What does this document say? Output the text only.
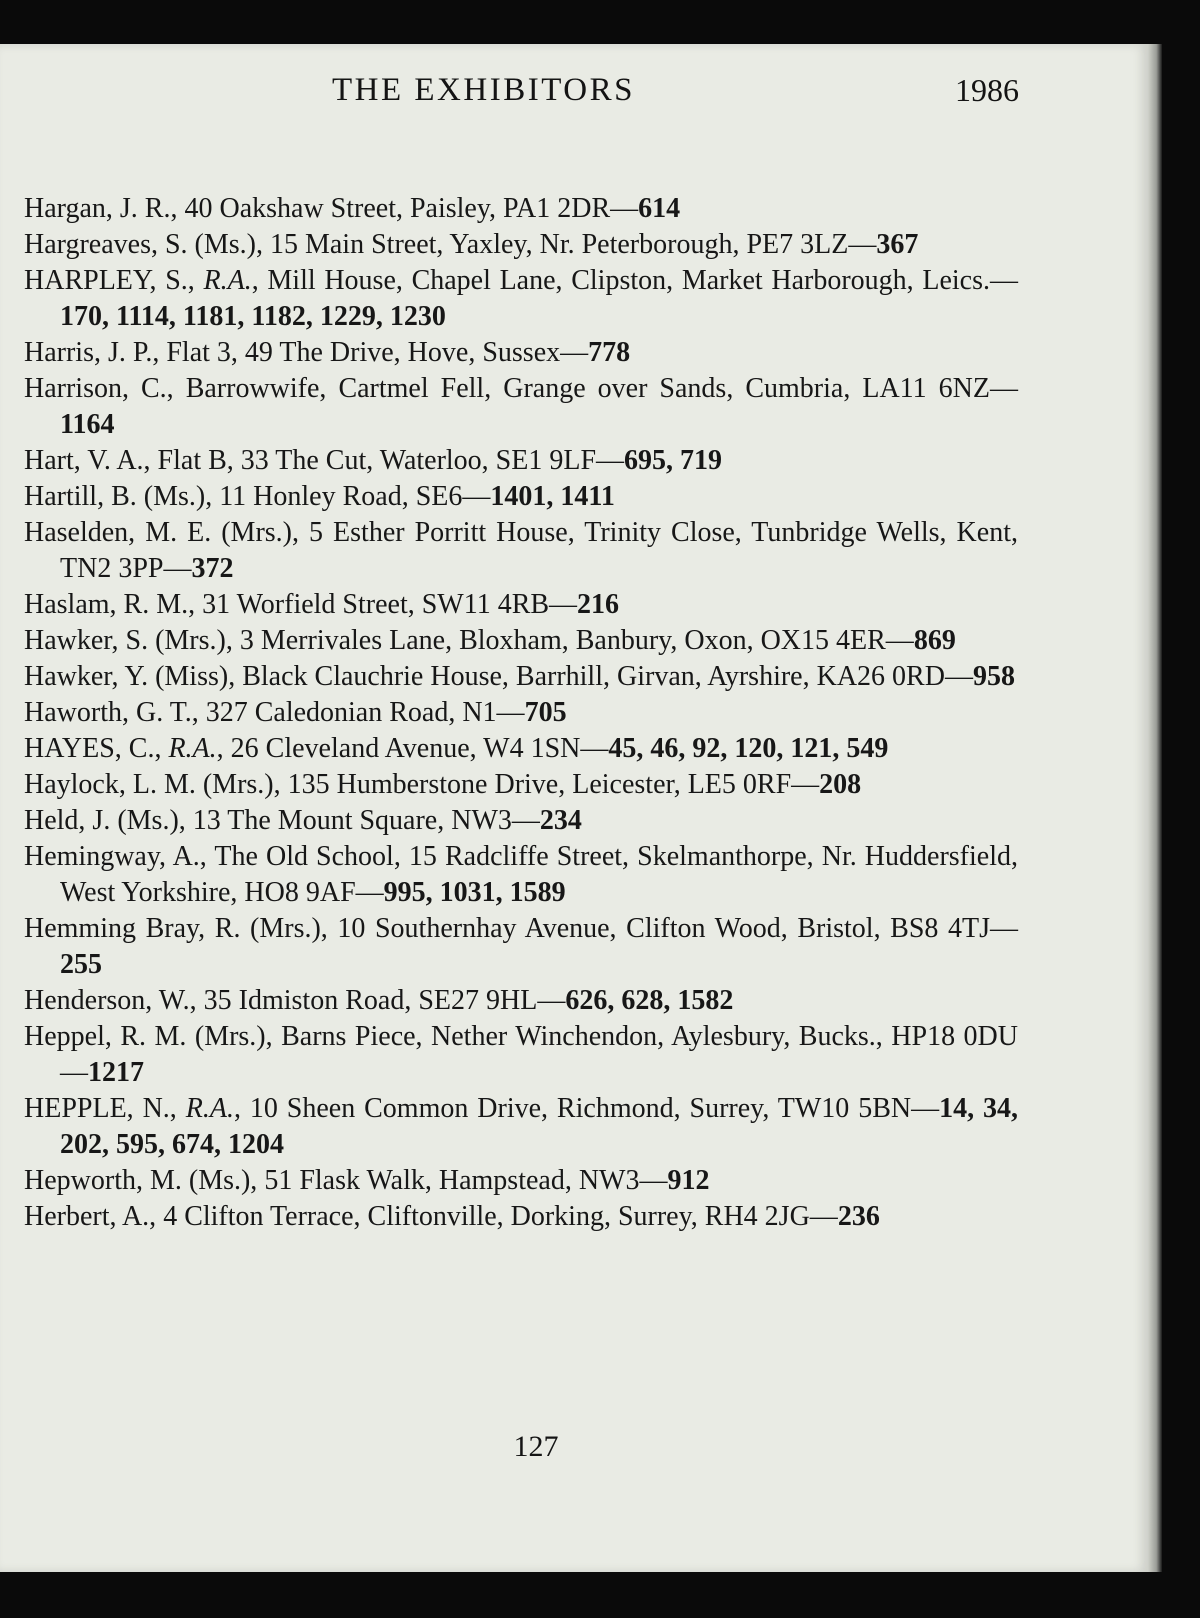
THE EXHIBITORS	1986

Hargan, J. R., 40 Oakshaw Street, Paisley, PA1 2DR—614

Hargreaves, S. (Ms.), 15 Main Street, Yaxley, Nr. Peterborough, PE7 3LZ—367

HARPLEY, S., R.A., Mill House, Chapel Lane, Clipston, Market Harborough, Leics.—170, 1114, 1181, 1182, 1229, 1230

Harris, J. P., Flat 3, 49 The Drive, Hove, Sussex—778

Harrison, C., Barrowwife, Cartmel Fell, Grange over Sands, Cumbria, LA11 6NZ—1164

Hart, V. A., Flat B, 33 The Cut, Waterloo, SE1 9LF—695, 719

Hartill, B. (Ms.), 11 Honley Road, SE6—1401, 1411

Haselden, M. E. (Mrs.), 5 Esther Porritt House, Trinity Close, Tunbridge Wells, Kent, TN2 3PP—372

Haslam, R. M., 31 Worfield Street, SW11 4RB—216

Hawker, S. (Mrs.), 3 Merrivales Lane, Bloxham, Banbury, Oxon, OX15 4ER—869

Hawker, Y. (Miss), Black Clauchrie House, Barrhill, Girvan, Ayrshire, KA26 0RD—958

Haworth, G. T., 327 Caledonian Road, N1—705

HAYES, C., R.A., 26 Cleveland Avenue, W4 1SN—45, 46, 92, 120, 121, 549

Haylock, L. M. (Mrs.), 135 Humberstone Drive, Leicester, LE5 0RF—208

Held, J. (Ms.), 13 The Mount Square, NW3—234

Hemingway, A., The Old School, 15 Radcliffe Street, Skelmanthorpe, Nr. Huddersfield, West Yorkshire, HO8 9AF—995, 1031, 1589

Hemming Bray, R. (Mrs.), 10 Southernhay Avenue, Clifton Wood, Bristol, BS8 4TJ—255

Henderson, W., 35 Idmiston Road, SE27 9HL—626, 628, 1582

Heppel, R. M. (Mrs.), Barns Piece, Nether Winchendon, Aylesbury, Bucks., HP18 0DU—1217

HEPPLE, N., R.A., 10 Sheen Common Drive, Richmond, Surrey, TW10 5BN—14, 34, 202, 595, 674, 1204

Hepworth, M. (Ms.), 51 Flask Walk, Hampstead, NW3—912

Herbert, A., 4 Clifton Terrace, Cliftonville, Dorking, Surrey, RH4 2JG—236

127
